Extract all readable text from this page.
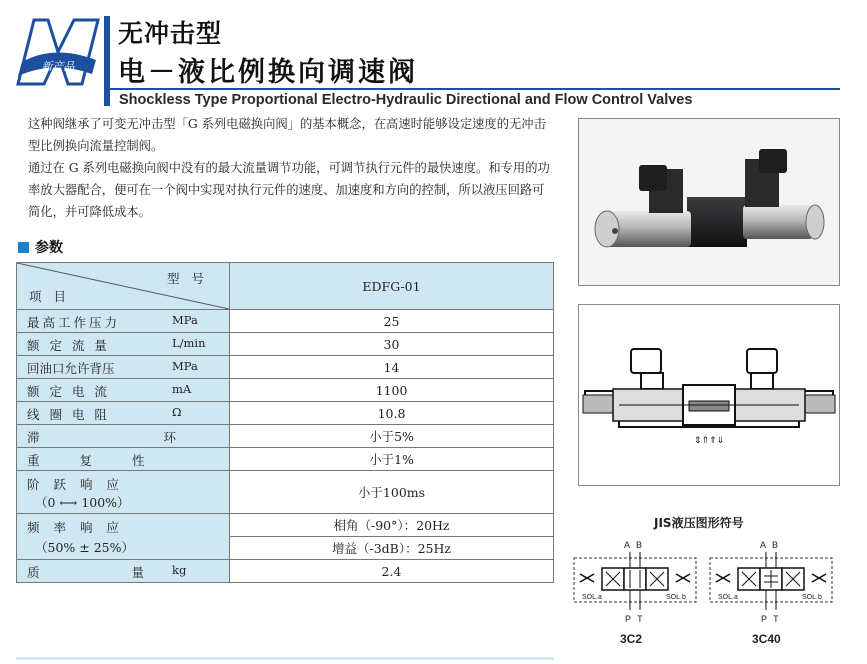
新产品
无冲击型
电－液比例换向调速阀
Shockless Type Proportional Electro-Hydraulic Directional and Flow Control Valves
这种阀继承了可变无冲击型「G 系列电磁换向阀」的基本概念，在高速时能够设定速度的无冲击型比例换向流量控制阀。
通过在 G 系列电磁换向阀中没有的最大流量调节功能，可调节执行元件的最快速度。和专用的功率放大器配合，便可在一个阀中实现对执行元件的速度、加速度和方向的控制，所以液压回路可简化，并可降低成本。
参数
型 号
项 目	EDFG-01

最高工作压力 MPa	25

额 定 流 量 L/min	30

回油口允许背压 MPa	14

额 定 电 流 mA	1100

线 圈 电 阻 Ω	10.8

滞 环	小于5%

重 复 性	小于1%

阶 跃 响 应
（0 ⟷ 100%）	小于100ms

频 率 响 应
（50% ± 25%）	相角（-90°）：20Hz
	增益（-3dB）：25Hz

质 量 kg	2.4
⇕⇑⇑⇓
JIS液压图形符号
A B
SOL.a	SOL.b
P T
3C2
A B
SOL.a	SOL.b
P T
3C40
